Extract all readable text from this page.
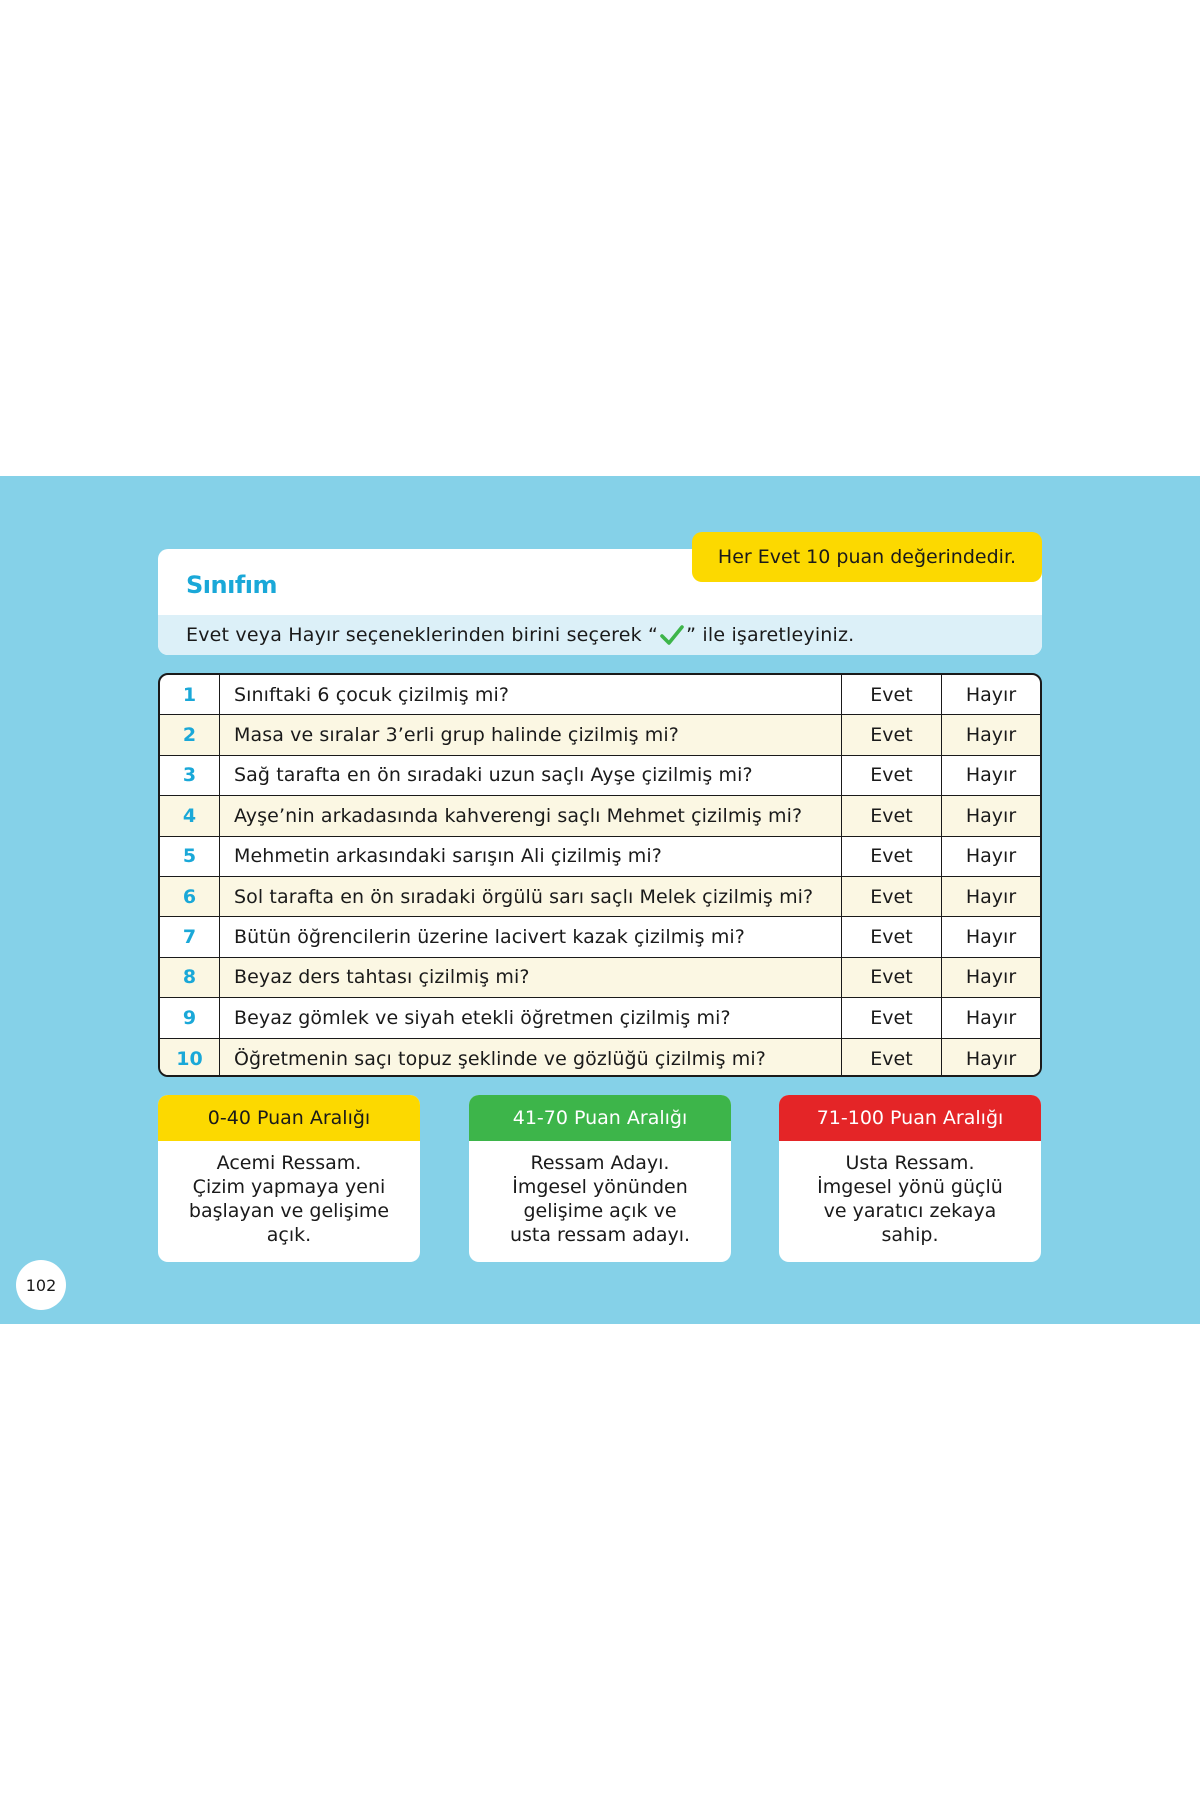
Sınıfım
Evet veya Hayır seçeneklerinden birini seçerek “ ” ile işaretleyiniz.
Her Evet 10 puan değerindedir.
1	Sınıftaki 6 çocuk çizilmiş mi?	Evet	Hayır
2	Masa ve sıralar 3’erli grup halinde çizilmiş mi?	Evet	Hayır
3	Sağ tarafta en ön sıradaki uzun saçlı Ayşe çizilmiş mi?	Evet	Hayır
4	Ayşe’nin arkadasında kahverengi saçlı Mehmet çizilmiş mi?	Evet	Hayır
5	Mehmetin arkasındaki sarışın Ali çizilmiş mi?	Evet	Hayır
6	Sol tarafta en ön sıradaki örgülü sarı saçlı Melek çizilmiş mi?	Evet	Hayır
7	Bütün öğrencilerin üzerine lacivert kazak çizilmiş mi?	Evet	Hayır
8	Beyaz ders tahtası çizilmiş mi?	Evet	Hayır
9	Beyaz gömlek ve siyah etekli öğretmen çizilmiş mi?	Evet	Hayır
10	Öğretmenin saçı topuz şeklinde ve gözlüğü çizilmiş mi?	Evet	Hayır
0-40 Puan Aralığı
Acemi Ressam.
Çizim yapmaya yeni
başlayan ve gelişime
açık.
41-70 Puan Aralığı
Ressam Adayı.
İmgesel yönünden
gelişime açık ve
usta ressam adayı.
71-100 Puan Aralığı
Usta Ressam.
İmgesel yönü güçlü
ve yaratıcı zekaya
sahip.
102
